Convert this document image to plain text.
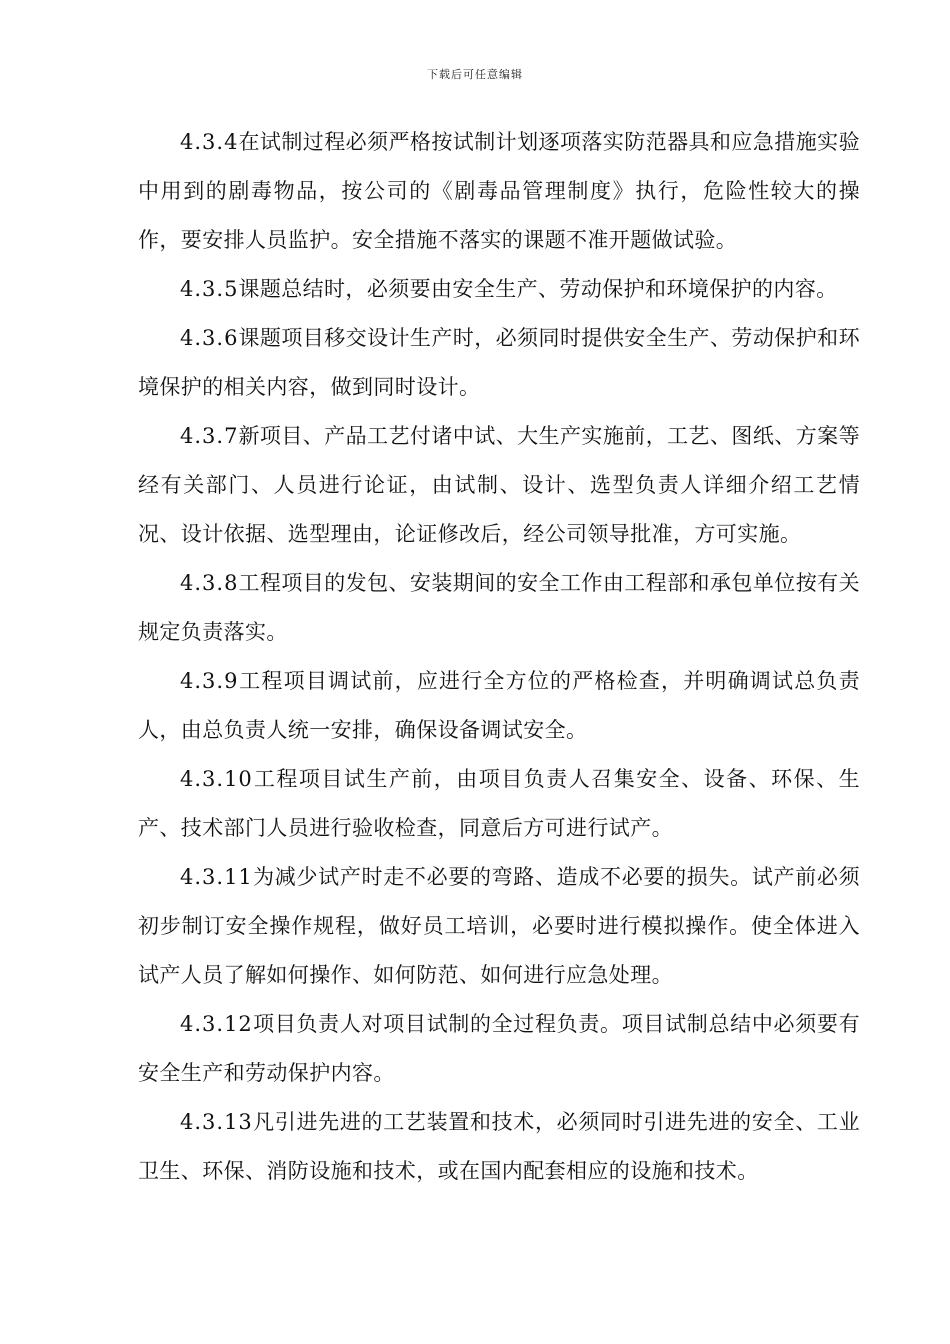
下载后可任意编辑

4.3.4在试制过程必须严格按试制计划逐项落实防范器具和应急措施实验中用到的剧毒物品，按公司的《剧毒品管理制度》执行，危险性较大的操作，要安排人员监护。安全措施不落实的课题不准开题做试验。

4.3.5课题总结时，必须要由安全生产、劳动保护和环境保护的内容。

4.3.6课题项目移交设计生产时，必须同时提供安全生产、劳动保护和环境保护的相关内容，做到同时设计。

4.3.7新项目、产品工艺付诸中试、大生产实施前，工艺、图纸、方案等经有关部门、人员进行论证，由试制、设计、选型负责人详细介绍工艺情况、设计依据、选型理由，论证修改后，经公司领导批准，方可实施。

4.3.8工程项目的发包、安装期间的安全工作由工程部和承包单位按有关规定负责落实。

4.3.9工程项目调试前，应进行全方位的严格检查，并明确调试总负责人，由总负责人统一安排，确保设备调试安全。

4.3.10工程项目试生产前，由项目负责人召集安全、设备、环保、生产、技术部门人员进行验收检查，同意后方可进行试产。

4.3.11为减少试产时走不必要的弯路、造成不必要的损失。试产前必须初步制订安全操作规程，做好员工培训，必要时进行模拟操作。使全体进入试产人员了解如何操作、如何防范、如何进行应急处理。

4.3.12项目负责人对项目试制的全过程负责。项目试制总结中必须要有安全生产和劳动保护内容。

4.3.13凡引进先进的工艺装置和技术，必须同时引进先进的安全、工业卫生、环保、消防设施和技术，或在国内配套相应的设施和技术。
